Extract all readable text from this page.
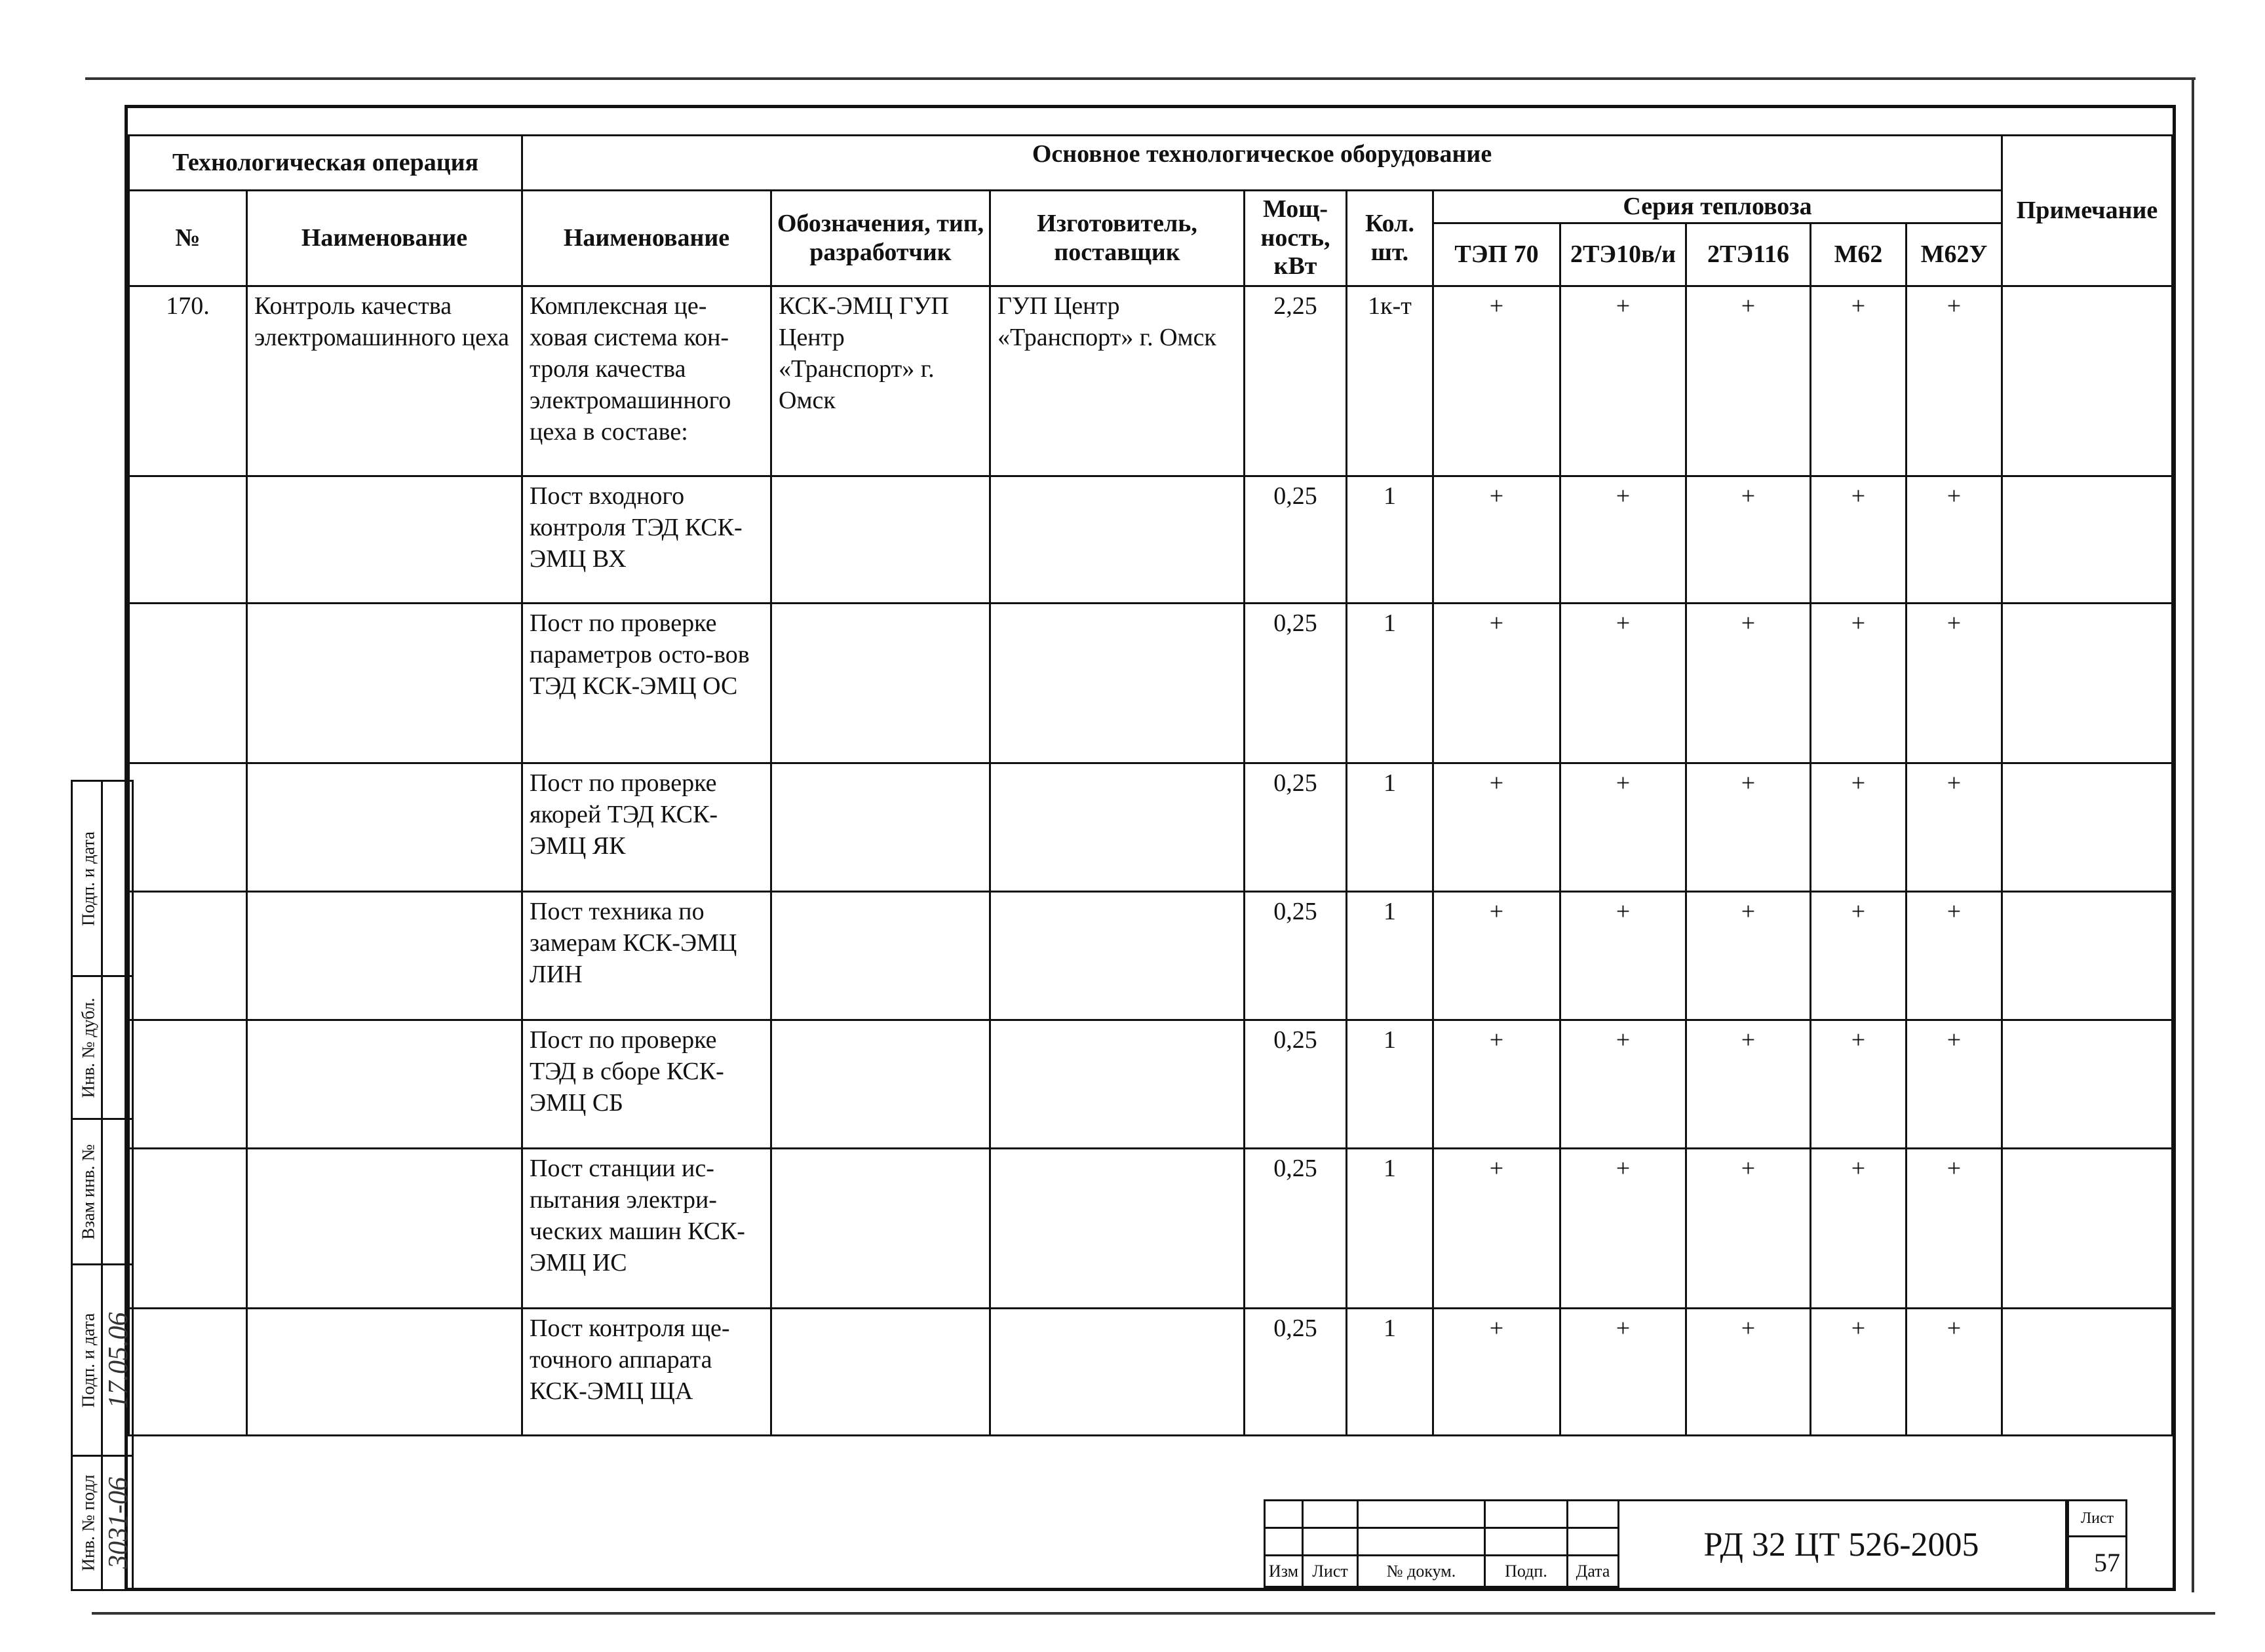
Технологическая операция		Основное технологическое оборудование										Примечание
№	Наименование	Наименование	Обозначения, тип, разработчик	Изготовитель, поставщик	Мощ-ность, кВт	Кол. шт.	Серия тепловоза					
							ТЭП 70	2ТЭ10в/и	2ТЭ116	М62	М62У	

170.	Контроль качества электромашинного цеха	Комплексная це-ховая система кон-троля качества электромашинного цеха в составе:	КСК-ЭМЦ ГУП Центр «Транспорт» г. Омск	ГУП Центр «Транспорт» г. Омск	2,25	1к-т	+	+	+	+	+	

		Пост входного контроля ТЭД КСК-ЭМЦ ВХ			0,25	1	+	+	+	+	+	

		Пост по проверке параметров осто-вов ТЭД КСК-ЭМЦ ОС			0,25	1	+	+	+	+	+	

		Пост по проверке якорей ТЭД КСК-ЭМЦ ЯК			0,25	1	+	+	+	+	+	

		Пост техника по замерам КСК-ЭМЦ ЛИН			0,25	1	+	+	+	+	+	

		Пост по проверке ТЭД в сборе КСК-ЭМЦ СБ			0,25	1	+	+	+	+	+	

		Пост станции ис-пытания электри-ческих машин КСК-ЭМЦ ИС			0,25	1	+	+	+	+	+	

		Пост контроля ще-точного аппарата КСК-ЭМЦ ЩА			0,25	1	+	+	+	+	+	

Подп. и дата
Инв. № дубл.
Взам инв. №
Подп. и дата 17.05.06
Инв. № подл 3031-06

Изм	Лист	№ докум.	Подп.	Дата
РД 32 ЦТ 526-2005
Лист
57
